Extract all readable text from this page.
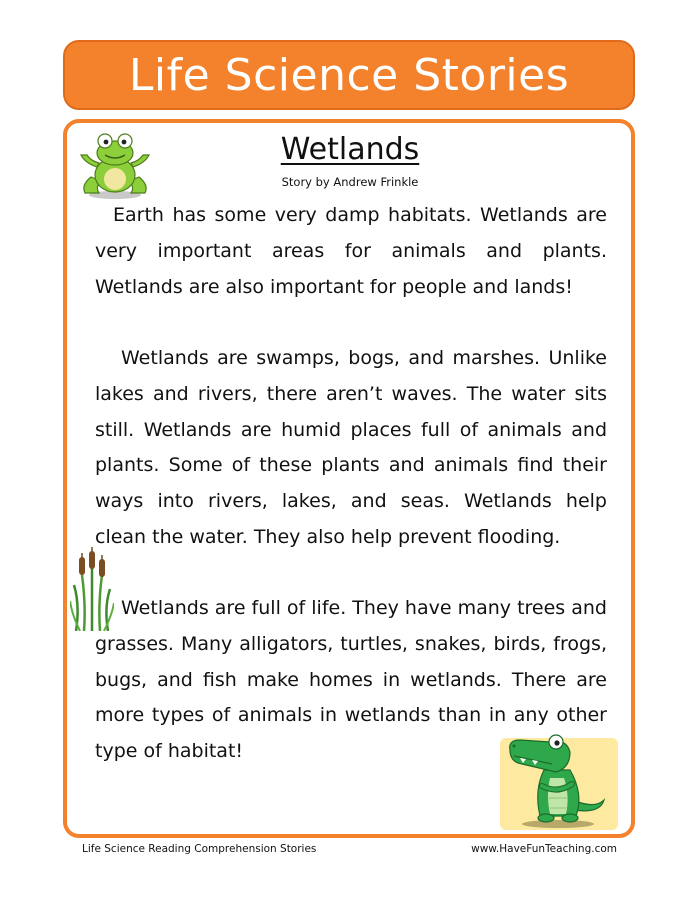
Life Science Stories
Wetlands
Story by Andrew Frinkle

Earth has some very damp habitats. Wetlands are very important areas for animals and plants. Wetlands are also important for people and lands!

Wetlands are swamps, bogs, and marshes. Unlike lakes and rivers, there aren’t waves. The water sits still. Wetlands are humid places full of animals and plants. Some of these plants and animals find their ways into rivers, lakes, and seas. Wetlands help clean the water. They also help prevent flooding.

Wetlands are full of life. They have many trees and grasses. Many alligators, turtles, snakes, birds, frogs, bugs, and fish make homes in wetlands. There are more types of animals in wetlands than in any other type of habitat!

Life Science Reading Comprehension Stories	www.HaveFunTeaching.com
